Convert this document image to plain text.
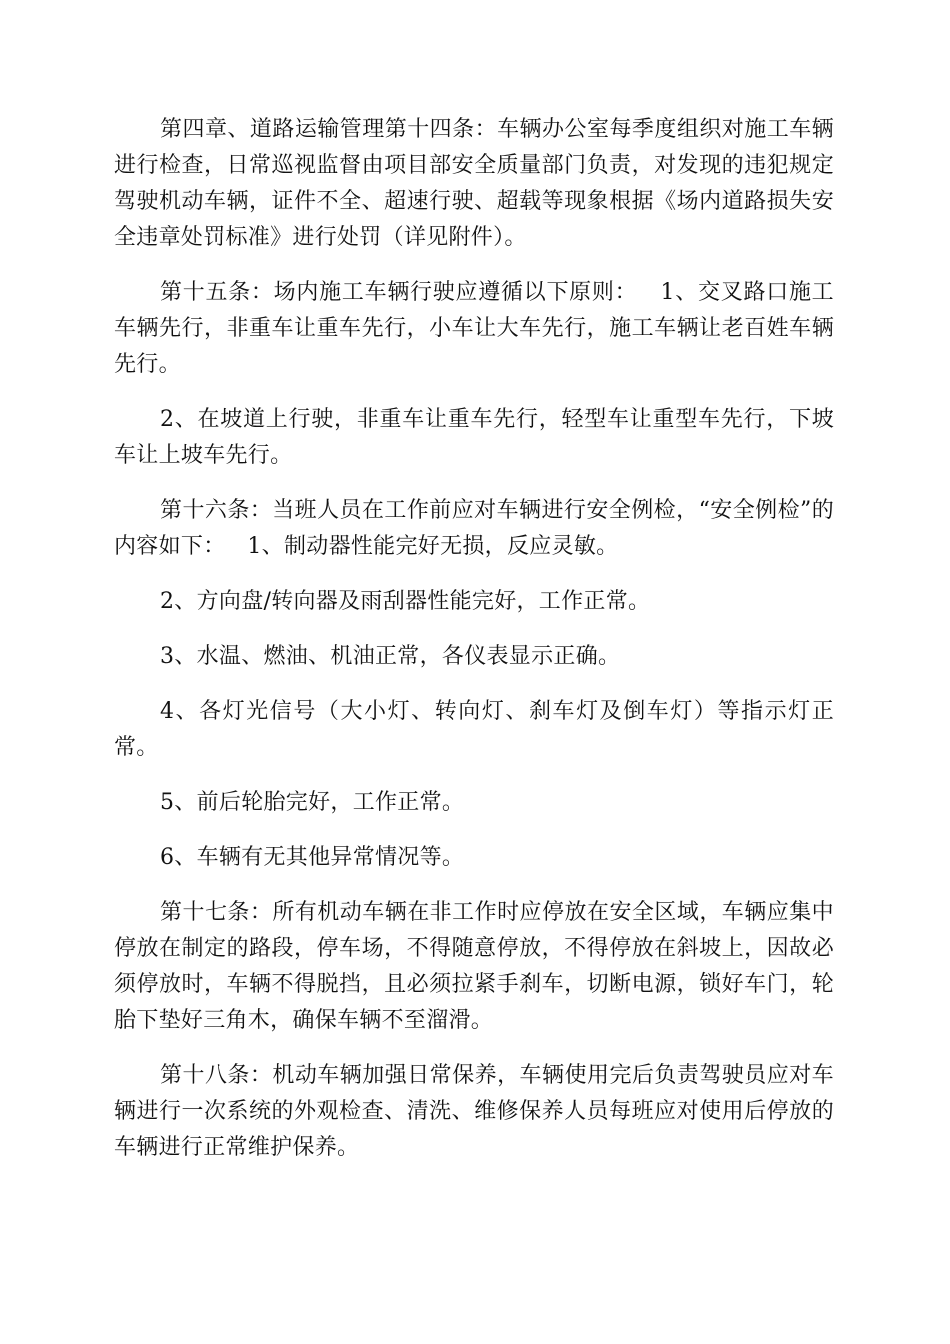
第四章、道路运输管理第十四条：车辆办公室每季度组织对施工车辆进行检查，日常巡视监督由项目部安全质量部门负责，对发现的违犯规定驾驶机动车辆，证件不全、超速行驶、超载等现象根据《场内道路损失安全违章处罚标准》进行处罚（详见附件）。

第十五条：场内施工车辆行驶应遵循以下原则：   1、交叉路口施工车辆先行，非重车让重车先行，小车让大车先行，施工车辆让老百姓车辆先行。

2、在坡道上行驶，非重车让重车先行，轻型车让重型车先行，下坡车让上坡车先行。

第十六条：当班人员在工作前应对车辆进行安全例检，“安全例检”的内容如下：   1、制动器性能完好无损，反应灵敏。

2、方向盘/转向器及雨刮器性能完好，工作正常。

3、水温、燃油、机油正常，各仪表显示正确。

4、各灯光信号（大小灯、转向灯、刹车灯及倒车灯）等指示灯正常。

5、前后轮胎完好，工作正常。

6、车辆有无其他异常情况等。

第十七条：所有机动车辆在非工作时应停放在安全区域，车辆应集中停放在制定的路段，停车场，不得随意停放，不得停放在斜坡上，因故必须停放时，车辆不得脱挡，且必须拉紧手刹车，切断电源，锁好车门，轮胎下垫好三角木，确保车辆不至溜滑。

第十八条：机动车辆加强日常保养，车辆使用完后负责驾驶员应对车辆进行一次系统的外观检查、清洗、维修保养人员每班应对使用后停放的车辆进行正常维护保养。
